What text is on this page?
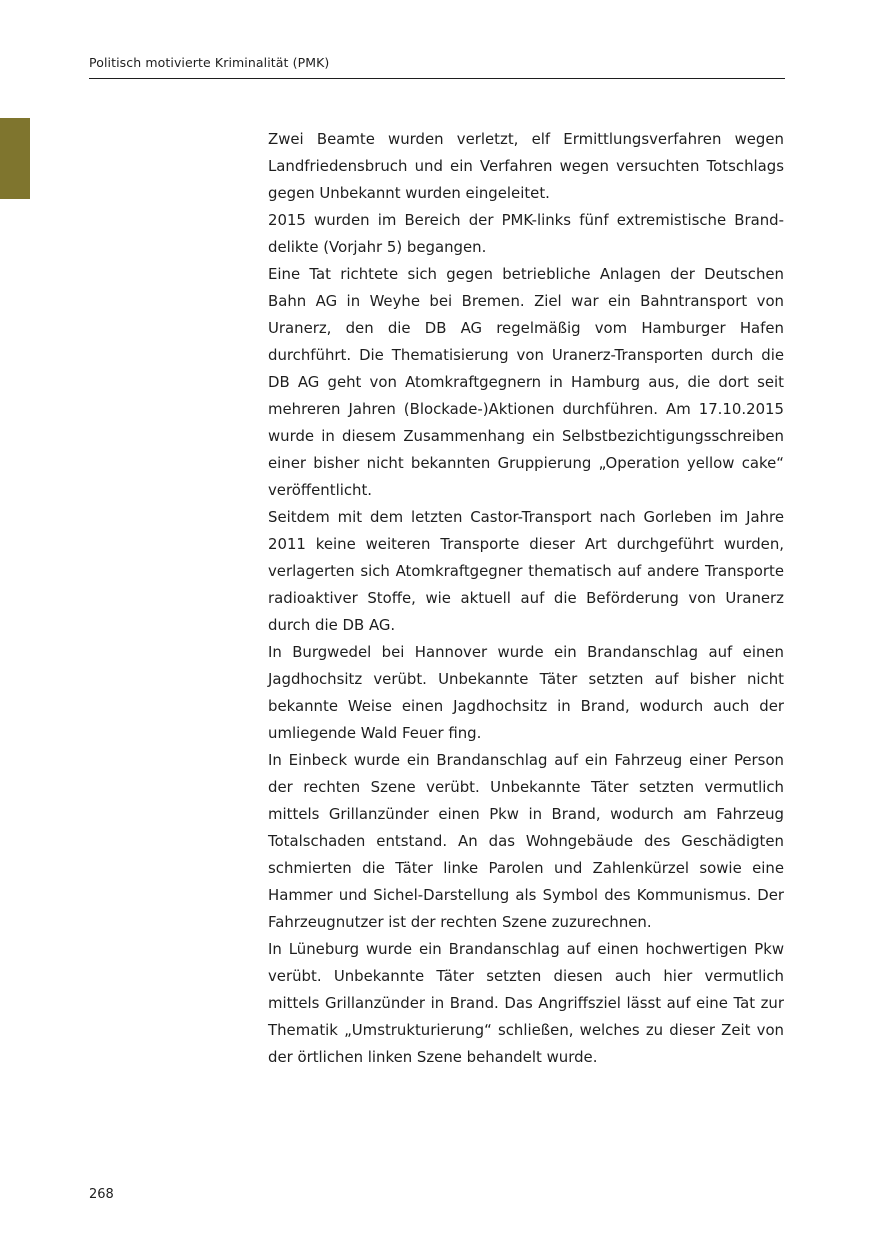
Politisch motivierte Kriminalität (PMK)

Zwei Beamte wurden verletzt, elf Ermittlungsverfahren wegen Landfriedensbruch und ein Verfahren wegen versuchten Totschlags gegen Unbekannt wurden eingeleitet.

2015 wurden im Bereich der PMK-links fünf extremistische Branddelikte (Vorjahr 5) begangen.

Eine Tat richtete sich gegen betriebliche Anlagen der Deutschen Bahn AG in Weyhe bei Bremen. Ziel war ein Bahntransport von Uranerz, den die DB AG regelmäßig vom Hamburger Hafen durchführt. Die Thematisierung von Uranerz-Transporten durch die DB AG geht von Atomkraftgegnern in Hamburg aus, die dort seit mehreren Jahren (Blockade-)Aktionen durchführen. Am 17.10.2015 wurde in diesem Zusammenhang ein Selbstbezichtigungsschreiben einer bisher nicht bekannten Gruppierung „Operation yellow cake“ veröffentlicht.

Seitdem mit dem letzten Castor-Transport nach Gorleben im Jahre 2011 keine weiteren Transporte dieser Art durchgeführt wurden, verlagerten sich Atomkraftgegner thematisch auf andere Transporte radioaktiver Stoffe, wie aktuell auf die Beförderung von Uranerz durch die DB AG.

In Burgwedel bei Hannover wurde ein Brandanschlag auf einen Jagdhochsitz verübt. Unbekannte Täter setzten auf bisher nicht bekannte Weise einen Jagdhochsitz in Brand, wodurch auch der umliegende Wald Feuer fing.

In Einbeck wurde ein Brandanschlag auf ein Fahrzeug einer Person der rechten Szene verübt. Unbekannte Täter setzten vermutlich mittels Grillanzünder einen Pkw in Brand, wodurch am Fahrzeug Totalschaden entstand. An das Wohngebäude des Geschädigten schmierten die Täter linke Parolen und Zahlenkürzel sowie eine Hammer und Sichel-Darstellung als Symbol des Kommunismus. Der Fahrzeugnutzer ist der rechten Szene zuzurechnen.

In Lüneburg wurde ein Brandanschlag auf einen hochwertigen Pkw verübt. Unbekannte Täter setzten diesen auch hier vermutlich mittels Grillanzünder in Brand. Das Angriffsziel lässt auf eine Tat zur Thematik „Umstrukturierung“ schließen, welches zu dieser Zeit von der örtlichen linken Szene behandelt wurde.

268
